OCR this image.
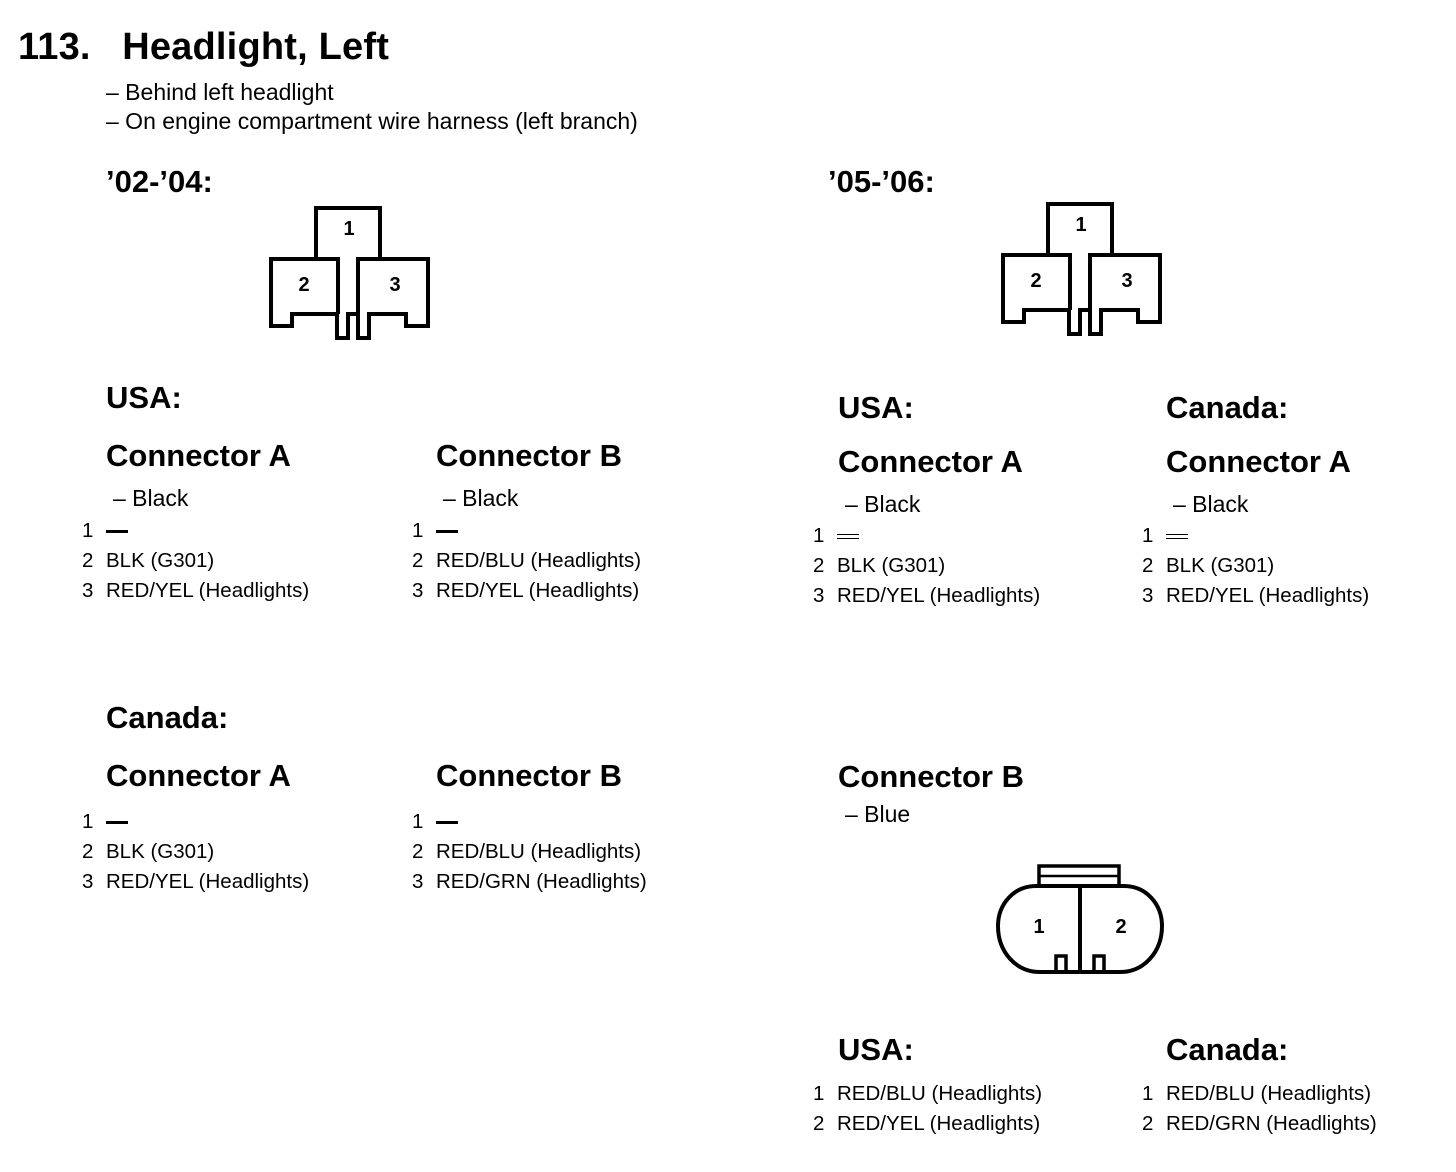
113. Headlight, Left
– Behind left headlight
– On engine compartment wire harness (left branch)
’02-’04:
1
2	3
USA:
Connector A
– Black
1
2 BLK (G301)
3 RED/YEL (Headlights)
Connector B
– Black
1
2 RED/BLU (Headlights)
3 RED/YEL (Headlights)
Canada:
Connector A
1
2 BLK (G301)
3 RED/YEL (Headlights)
Connector B
1
2 RED/BLU (Headlights)
3 RED/GRN (Headlights)
’05-’06:
1
2	3
USA:
Connector A
– Black
1
2 BLK (G301)
3 RED/YEL (Headlights)
Canada:
Connector A
– Black
1
2 BLK (G301)
3 RED/YEL (Headlights)
Connector B
– Blue
1	2
USA:
1 RED/BLU (Headlights)
2 RED/YEL (Headlights)
Canada:
1 RED/BLU (Headlights)
2 RED/GRN (Headlights)
